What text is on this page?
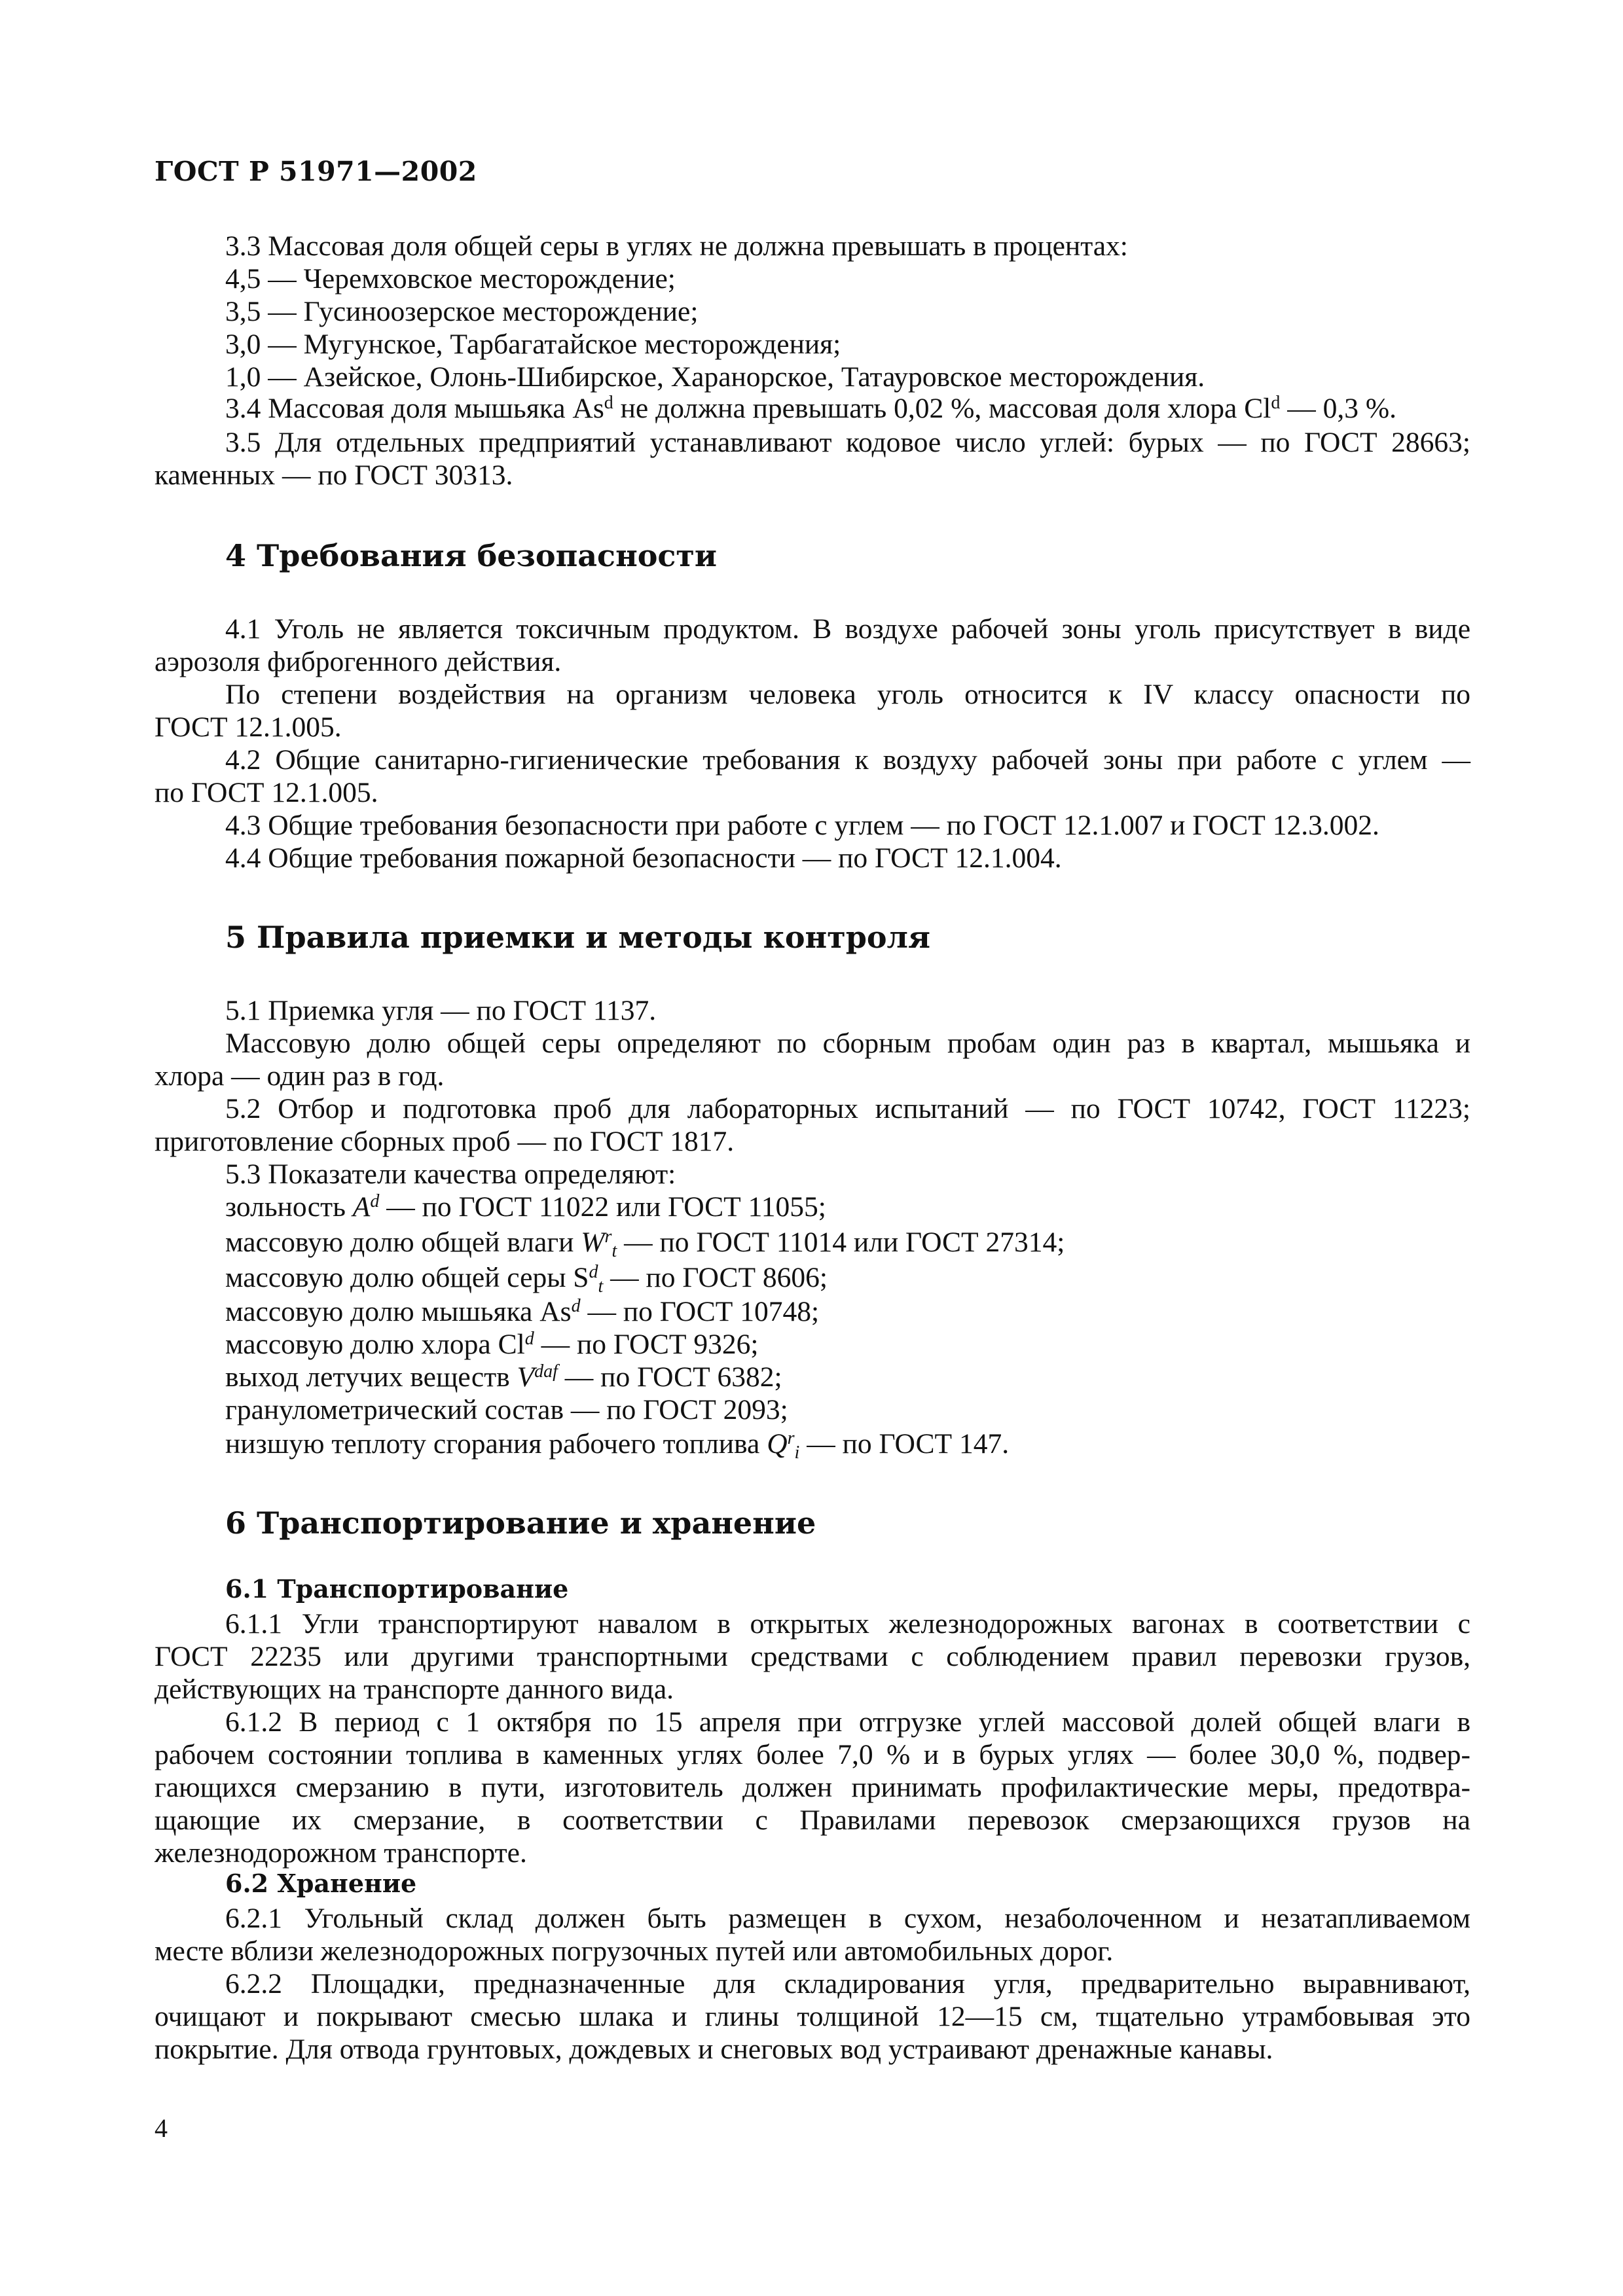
ГОСТ Р 51971—2002
3.3 Массовая доля общей серы в углях не должна превышать в процентах:
4,5 — Черемховское месторождение;
3,5 — Гусиноозерское месторождение;
3,0 — Мугунское, Тарбагатайское месторождения;
1,0 — Азейское, Олонь-Шибирское, Харанорское, Татауровское месторождения.
3.4 Массовая доля мышьяка As$^d$ не должна превышать 0,02 %, массовая доля хлора Cl$^d$ — 0,3 %.
3.5 Для отдельных предприятий устанавливают кодовое число углей: бурых — по ГОСТ 28663;
каменных — по ГОСТ 30313.
4 Требования безопасности
4.1 Уголь не является токсичным продуктом. В воздухе рабочей зоны уголь присутствует в виде
аэрозоля фиброгенного действия.
По степени воздействия на организм человека уголь относится к IV классу опасности по
ГОСТ 12.1.005.
4.2 Общие санитарно-гигиенические требования к воздуху рабочей зоны при работе с углем —
по ГОСТ 12.1.005.
4.3 Общие требования безопасности при работе с углем — по ГОСТ 12.1.007 и ГОСТ 12.3.002.
4.4 Общие требования пожарной безопасности — по ГОСТ 12.1.004.
5 Правила приемки и методы контроля
5.1 Приемка угля — по ГОСТ 1137.
Массовую долю общей серы определяют по сборным пробам один раз в квартал, мышьяка и
хлора — один раз в год.
5.2 Отбор и подготовка проб для лабораторных испытаний — по ГОСТ 10742, ГОСТ 11223;
приготовление сборных проб — по ГОСТ 1817.
5.3 Показатели качества определяют:
зольность $A^d$ — по ГОСТ 11022 или ГОСТ 11055;
массовую долю общей влаги $W^r_t$ — по ГОСТ 11014 или ГОСТ 27314;
массовую долю общей серы $S^d_t$ — по ГОСТ 8606;
массовую долю мышьяка As$^d$ — по ГОСТ 10748;
массовую долю хлора Cl$^d$ — по ГОСТ 9326;
выход летучих веществ $V^{daf}$ — по ГОСТ 6382;
гранулометрический состав — по ГОСТ 2093;
низшую теплоту сгорания рабочего топлива $Q^r_i$ — по ГОСТ 147.
6 Транспортирование и хранение
6.1 Транспортирование
6.1.1 Угли транспортируют навалом в открытых железнодорожных вагонах в соответствии с
ГОСТ 22235 или другими транспортными средствами с соблюдением правил перевозки грузов,
действующих на транспорте данного вида.
6.1.2 В период с 1 октября по 15 апреля при отгрузке углей массовой долей общей влаги в
рабочем состоянии топлива в каменных углях более 7,0 % и в бурых углях — более 30,0 %, подвер-
гающихся смерзанию в пути, изготовитель должен принимать профилактические меры, предотвра-
щающие их смерзание, в соответствии с Правилами перевозок смерзающихся грузов на
железнодорожном транспорте.
6.2 Хранение
6.2.1 Угольный склад должен быть размещен в сухом, незаболоченном и незатапливаемом
месте вблизи железнодорожных погрузочных путей или автомобильных дорог.
6.2.2 Площадки, предназначенные для складирования угля, предварительно выравнивают,
очищают и покрывают смесью шлака и глины толщиной 12—15 см, тщательно утрамбовывая это
покрытие. Для отвода грунтовых, дождевых и снеговых вод устраивают дренажные канавы.
4
